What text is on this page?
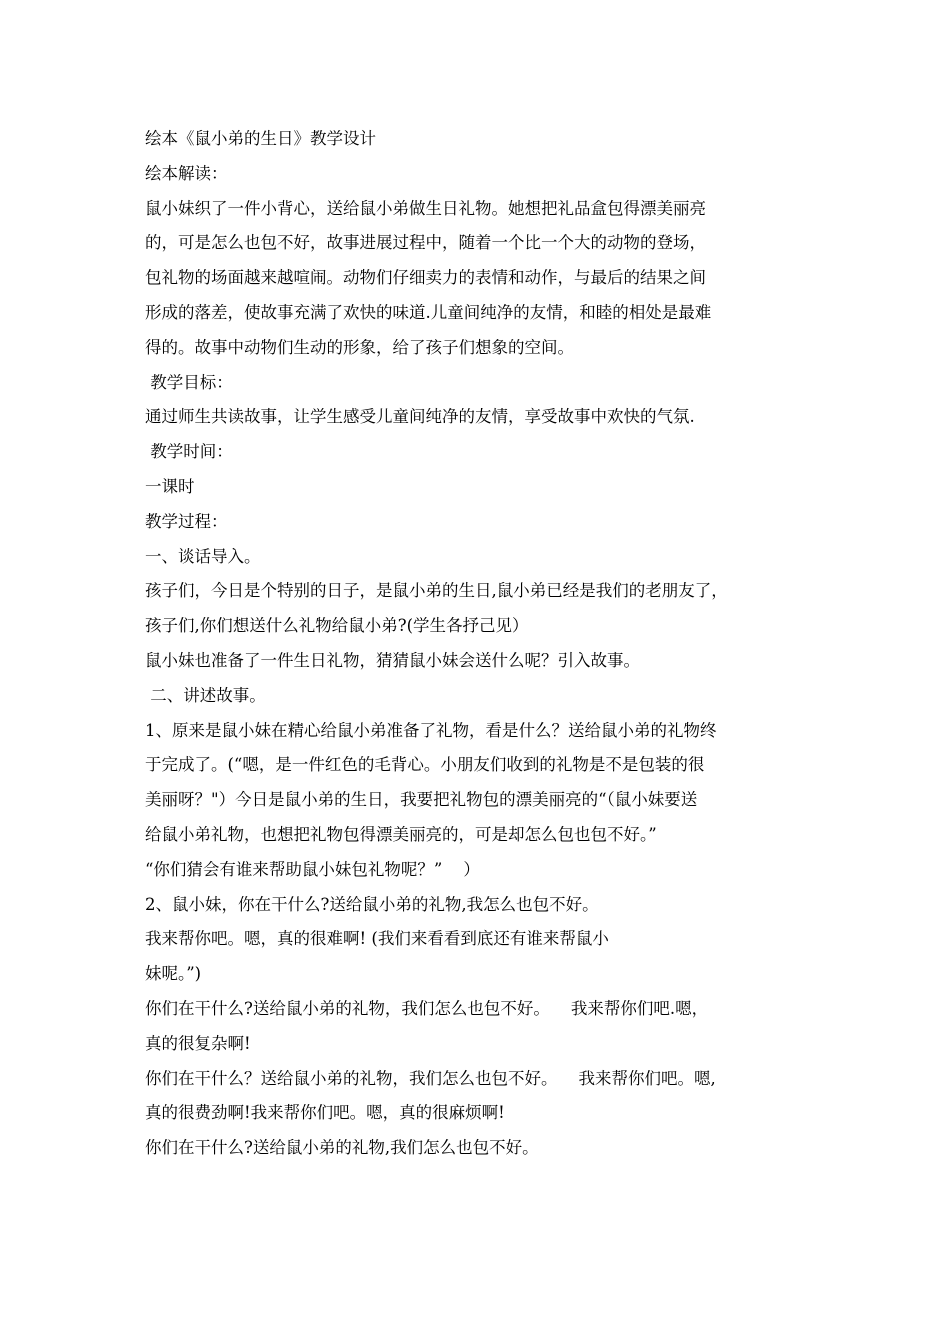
绘本《鼠小弟的生日》教学设计
绘本解读：
鼠小妹织了一件小背心，送给鼠小弟做生日礼物。她想把礼品盒包得漂美丽亮
的，可是怎么也包不好，故事进展过程中，随着一个比一个大的动物的登场，
包礼物的场面越来越喧闹。动物们仔细卖力的表情和动作，与最后的结果之间
形成的落差，使故事充满了欢快的味道.儿童间纯净的友情，和睦的相处是最难
得的。故事中动物们生动的形象，给了孩子们想象的空间。
教学目标：
通过师生共读故事，让学生感受儿童间纯净的友情，享受故事中欢快的气氛.
教学时间：
一课时
教学过程：
一、谈话导入。
孩子们，今日是个特别的日子，是鼠小弟的生日,鼠小弟已经是我们的老朋友了，
孩子们,你们想送什么礼物给鼠小弟?(学生各抒己见）
鼠小妹也准备了一件生日礼物，猜猜鼠小妹会送什么呢？引入故事。
二、讲述故事。
1、原来是鼠小妹在精心给鼠小弟准备了礼物，看是什么？送给鼠小弟的礼物终
于完成了。(“嗯，是一件红色的毛背心。小朋友们收到的礼物是不是包装的很
美丽呀？"）今日是鼠小弟的生日，我要把礼物包的漂美丽亮的“（鼠小妹要送
给鼠小弟礼物，也想把礼物包得漂美丽亮的，可是却怎么包也包不好。”
“你们猜会有谁来帮助鼠小妹包礼物呢？”    ）
2、鼠小妹，你在干什么?送给鼠小弟的礼物,我怎么也包不好。
我来帮你吧。嗯，真的很难啊! (我们来看看到底还有谁来帮鼠小
妹呢。”)
你们在干什么?送给鼠小弟的礼物，我们怎么也包不好。    我来帮你们吧.嗯，
真的很复杂啊!
你们在干什么？送给鼠小弟的礼物，我们怎么也包不好。    我来帮你们吧。嗯,
真的很费劲啊!我来帮你们吧。嗯，真的很麻烦啊!
你们在干什么?送给鼠小弟的礼物,我们怎么也包不好。
